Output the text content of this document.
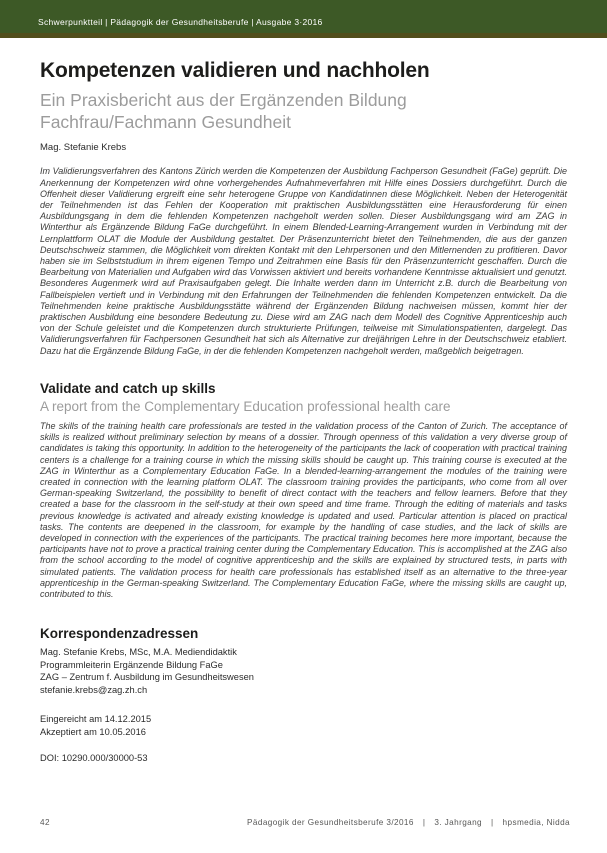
Schwerpunktteil | Pädagogik der Gesundheitsberufe | Ausgabe 3·2016
Kompetenzen validieren und nachholen
Ein Praxisbericht aus der Ergänzenden Bildung Fachfrau/Fachmann Gesundheit

Mag. Stefanie Krebs

Im Validierungsverfahren des Kantons Zürich werden die Kompetenzen der Ausbildung Fachperson Gesundheit (FaGe) geprüft. Die Anerkennung der Kompetenzen wird ohne vorhergehendes Aufnahmeverfahren mit Hilfe eines Dossiers durchgeführt. Durch die Offenheit dieser Validierung ergreift eine sehr heterogene Gruppe von Kandidatinnen diese Möglichkeit. Neben der Heterogenität der Teilnehmenden ist das Fehlen der Kooperation mit praktischen Ausbildungsstätten eine Herausforderung für einen Ausbildungsgang in dem die fehlenden Kompetenzen nachgeholt werden sollen. Dieser Ausbildungsgang wird am ZAG in Winterthur als Ergänzende Bildung FaGe durchgeführt. In einem Blended-Learning-Arrangement wurden in Verbindung mit der Lernplattform OLAT die Module der Ausbildung gestaltet. Der Präsenzunterricht bietet den Teilnehmenden, die aus der ganzen Deutschschweiz stammen, die Möglichkeit vom direkten Kontakt mit den Lehrpersonen und den Mitlernenden zu profitieren. Davor haben sie im Selbststudium in ihrem eigenen Tempo und Zeitrahmen eine Basis für den Präsenzunterricht geschaffen. Durch die Bearbeitung von Materialien und Aufgaben wird das Vorwissen aktiviert und bereits vorhandene Kenntnisse aktualisiert und genutzt. Besonderes Augenmerk wird auf Praxisaufgaben gelegt. Die Inhalte werden dann im Unterricht z.B. durch die Bearbeitung von Fallbeispielen vertieft und in Verbindung mit den Erfahrungen der Teilnehmenden die fehlenden Kompetenzen entwickelt. Da die Teilnehmenden keine praktische Ausbildungsstätte während der Ergänzenden Bildung nachweisen müssen, kommt hier der praktischen Ausbildung eine besondere Bedeutung zu. Diese wird am ZAG nach dem Modell des Cognitive Apprenticeship auch von der Schule geleistet und die Kompetenzen durch strukturierte Prüfungen, teilweise mit Simulationspatienten, dargelegt. Das Validierungsverfahren für Fachpersonen Gesundheit hat sich als Alternative zur dreijährigen Lehre in der Deutschschweiz etabliert. Dazu hat die Ergänzende Bildung FaGe, in der die fehlenden Kompetenzen nachgeholt werden, maßgeblich beigetragen.

Validate and catch up skills
A report from the Complementary Education professional health care

The skills of the training health care professionals are tested in the validation process of the Canton of Zurich. The acceptance of skills is realized without preliminary selection by means of a dossier. Through openness of this validation a very diverse group of candidates is taking this opportunity. In addition to the heterogeneity of the participants the lack of cooperation with practical training centers is a challenge for a training course in which the missing skills should be caught up. This training course is executed at the ZAG in Winterthur as a Complementary Education FaGe. In a blended-learning-arrangement the modules of the training were created in connection with the learning platform OLAT. The classroom training provides the participants, who come from all over German-speaking Switzerland, the possibility to benefit of direct contact with the teachers and fellow learners. Before that they created a base for the classroom in the self-study at their own speed and time frame. Through the editing of materials and tasks previous knowledge is activated and already existing knowledge is updated and used. Particular attention is placed on practical tasks. The contents are deepened in the classroom, for example by the handling of case studies, and the lack of skills are developed in connection with the experiences of the participants. The practical training becomes here more important, because the participants have not to prove a practical training center during the Complementary Education. This is accomplished at the ZAG also from the school according to the model of cognitive apprenticeship and the skills are explained by structured tests, in parts with simulated patients. The validation process for health care professionals has established itself as an alternative to the three-year apprenticeship in the German-speaking Switzerland. The Complementary Education FaGe, where the missing skills are caught up, contributed to this.

Korrespondenzadressen
Mag. Stefanie Krebs, MSc, M.A. Mediendidaktik
Programmleiterin Ergänzende Bildung FaGe
ZAG – Zentrum f. Ausbildung im Gesundheitswesen
stefanie.krebs@zag.zh.ch
Eingereicht am 14.12.2015
Akzeptiert am 10.05.2016
DOI: 10290.000/30000-53
42	Pädagogik der Gesundheitsberufe 3/2016 | 3. Jahrgang | hpsmedia, Nidda
